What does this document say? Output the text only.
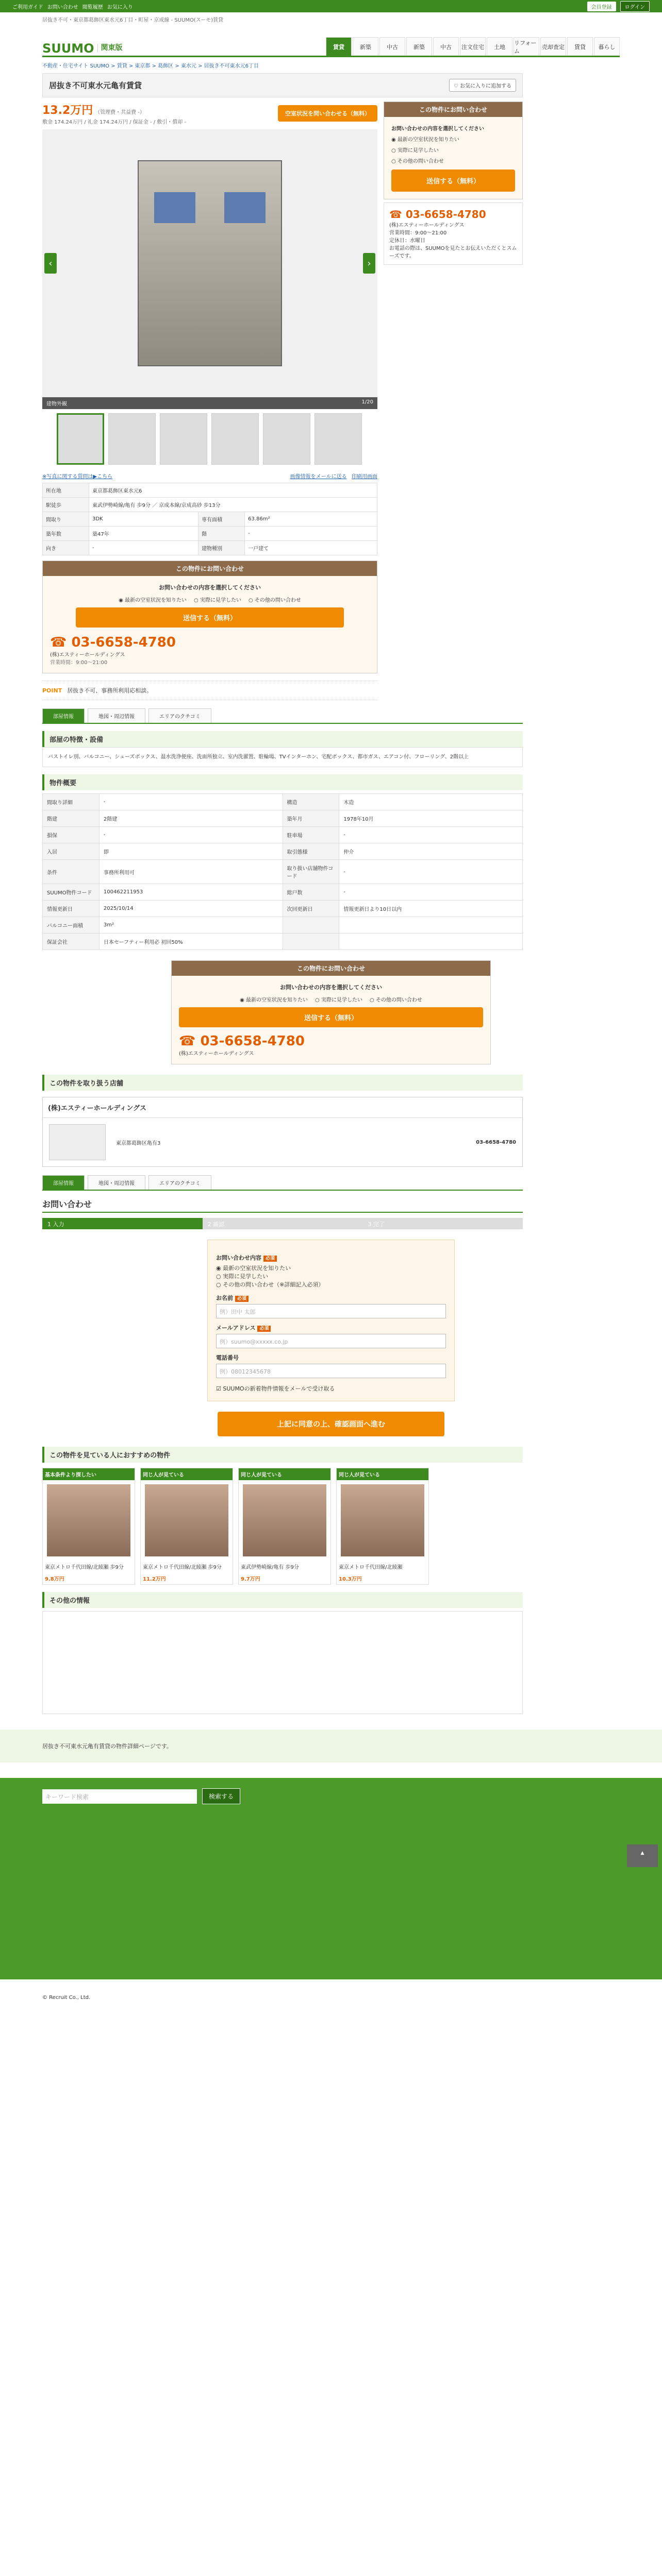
ご利用ガイド お問い合わせ 閲覧履歴 お気に入り	会員登録	ログイン
居抜き不可・東京都葛飾区東水元6丁目・町屋・京成線 - SUUMO(スーモ)賃貸
SUUMO 関東版	賃貸	新築	中古	新築	中古	注文住宅	土地
リフォーム
売却査定	賃貸	暮らし
不動産・住宅サイト SUUMO > 賃貸 > 東京都 > 葛飾区 > 東水元 > 居抜き不可東水元6丁目
居抜き不可東水元亀有賃貸	♡ お気に入りに追加する
13.2万円 （管理費・共益費 -）
敷金 174.24万円 / 礼金 174.24万円 / 保証金 - / 敷引・償却 -
空室状況を問い合わせる（無料）
‹	›
建物外観	1/20
※写真に関する質問は▶こちら	画像情報をメールに送る 印刷用画面
所在地	東京都葛飾区東水元6		
駅徒歩	東武伊勢崎線/亀有 歩9分 ／ 京成本線/京成高砂 歩13分		
間取り	3DK	専有面積	63.86m²
築年数	築47年	階	-
向き	-	建物種別	一戸建て
この物件にお問い合わせ
お問い合わせの内容を選択してください
◉ 最新の空室状況を知りたい ○ 実際に見学したい ○ その他の問い合わせ
送信する（無料）
☎ 03-6658-4780
(株)エスティーホールディングス
営業時間：9:00〜21:00
POINT 居抜き不可、事務所利用応相談。
この物件にお問い合わせ
お問い合わせの内容を選択してください
◉ 最新の空室状況を知りたい
○ 実際に見学したい
○ その他の問い合わせ
送信する（無料）
☎ 03-6658-4780
(株)エスティーホールディングス
営業時間：9:00〜21:00
定休日：水曜日
お電話の際は、SUUMOを見たとお伝えいただくとスムーズです。
部屋情報	地図・周辺情報	エリアのクチコミ
部屋の特徴・設備
バストイレ別、バルコニー、シューズボックス、温水洗浄便座、洗面所独立、室内洗濯置、駐輪場、TVインターホン、宅配ボックス、都市ガス、エアコン付、フローリング、2階以上
物件概要
間取り詳細	-	構造	木造
階建	2階建	築年月	1978年10月
損保	-	駐車場	-
入居	即	取引態様	仲介
条件	事務所利用可	取り扱い店舗物件コード	-
SUUMO物件コード	100462211953	総戸数	-
情報更新日	2025/10/14	次回更新日	情報更新日より10日以内
バルコニー面積	3m²		
保証会社	日本セーフティー利用必 初回50%		
この物件にお問い合わせ
お問い合わせの内容を選択してください
◉ 最新の空室状況を知りたい ○ 実際に見学したい ○ その他の問い合わせ
送信する（無料）
☎ 03-6658-4780
(株)エスティーホールディングス
この物件を取り扱う店舗
(株)エスティーホールディングス
東京都葛飾区亀有3	03-6658-4780
部屋情報	地図・周辺情報	エリアのクチコミ
お問い合わせ
1 入力	2 確認	3 完了
お問い合わせ内容 必須
◉ 最新の空室状況を知りたい
○ 実際に見学したい
○ その他の問い合わせ（※詳細記入必須）
お名前 必須
例）田中 太郎
メールアドレス 必須
例）suumo@xxxxx.co.jp
電話番号
例）08012345678
☑ SUUMOの新着物件情報をメールで受け取る
上記に同意の上、確認画面へ進む
この物件を見ている人におすすめの物件
基本条件より探したい
東京メトロ千代田線/北綾瀬 歩9分
9.8万円
同じ人が見ている
東京メトロ千代田線/北綾瀬 歩9分
11.2万円
同じ人が見ている
東武伊勢崎線/亀有 歩9分
9.7万円
同じ人が見ている
東京メトロ千代田線/北綾瀬
10.3万円
その他の情報
居抜き不可東水元亀有賃貸の物件詳細ページです。
キーワード検索	検索する
© Recruit Co., Ltd.
▲
